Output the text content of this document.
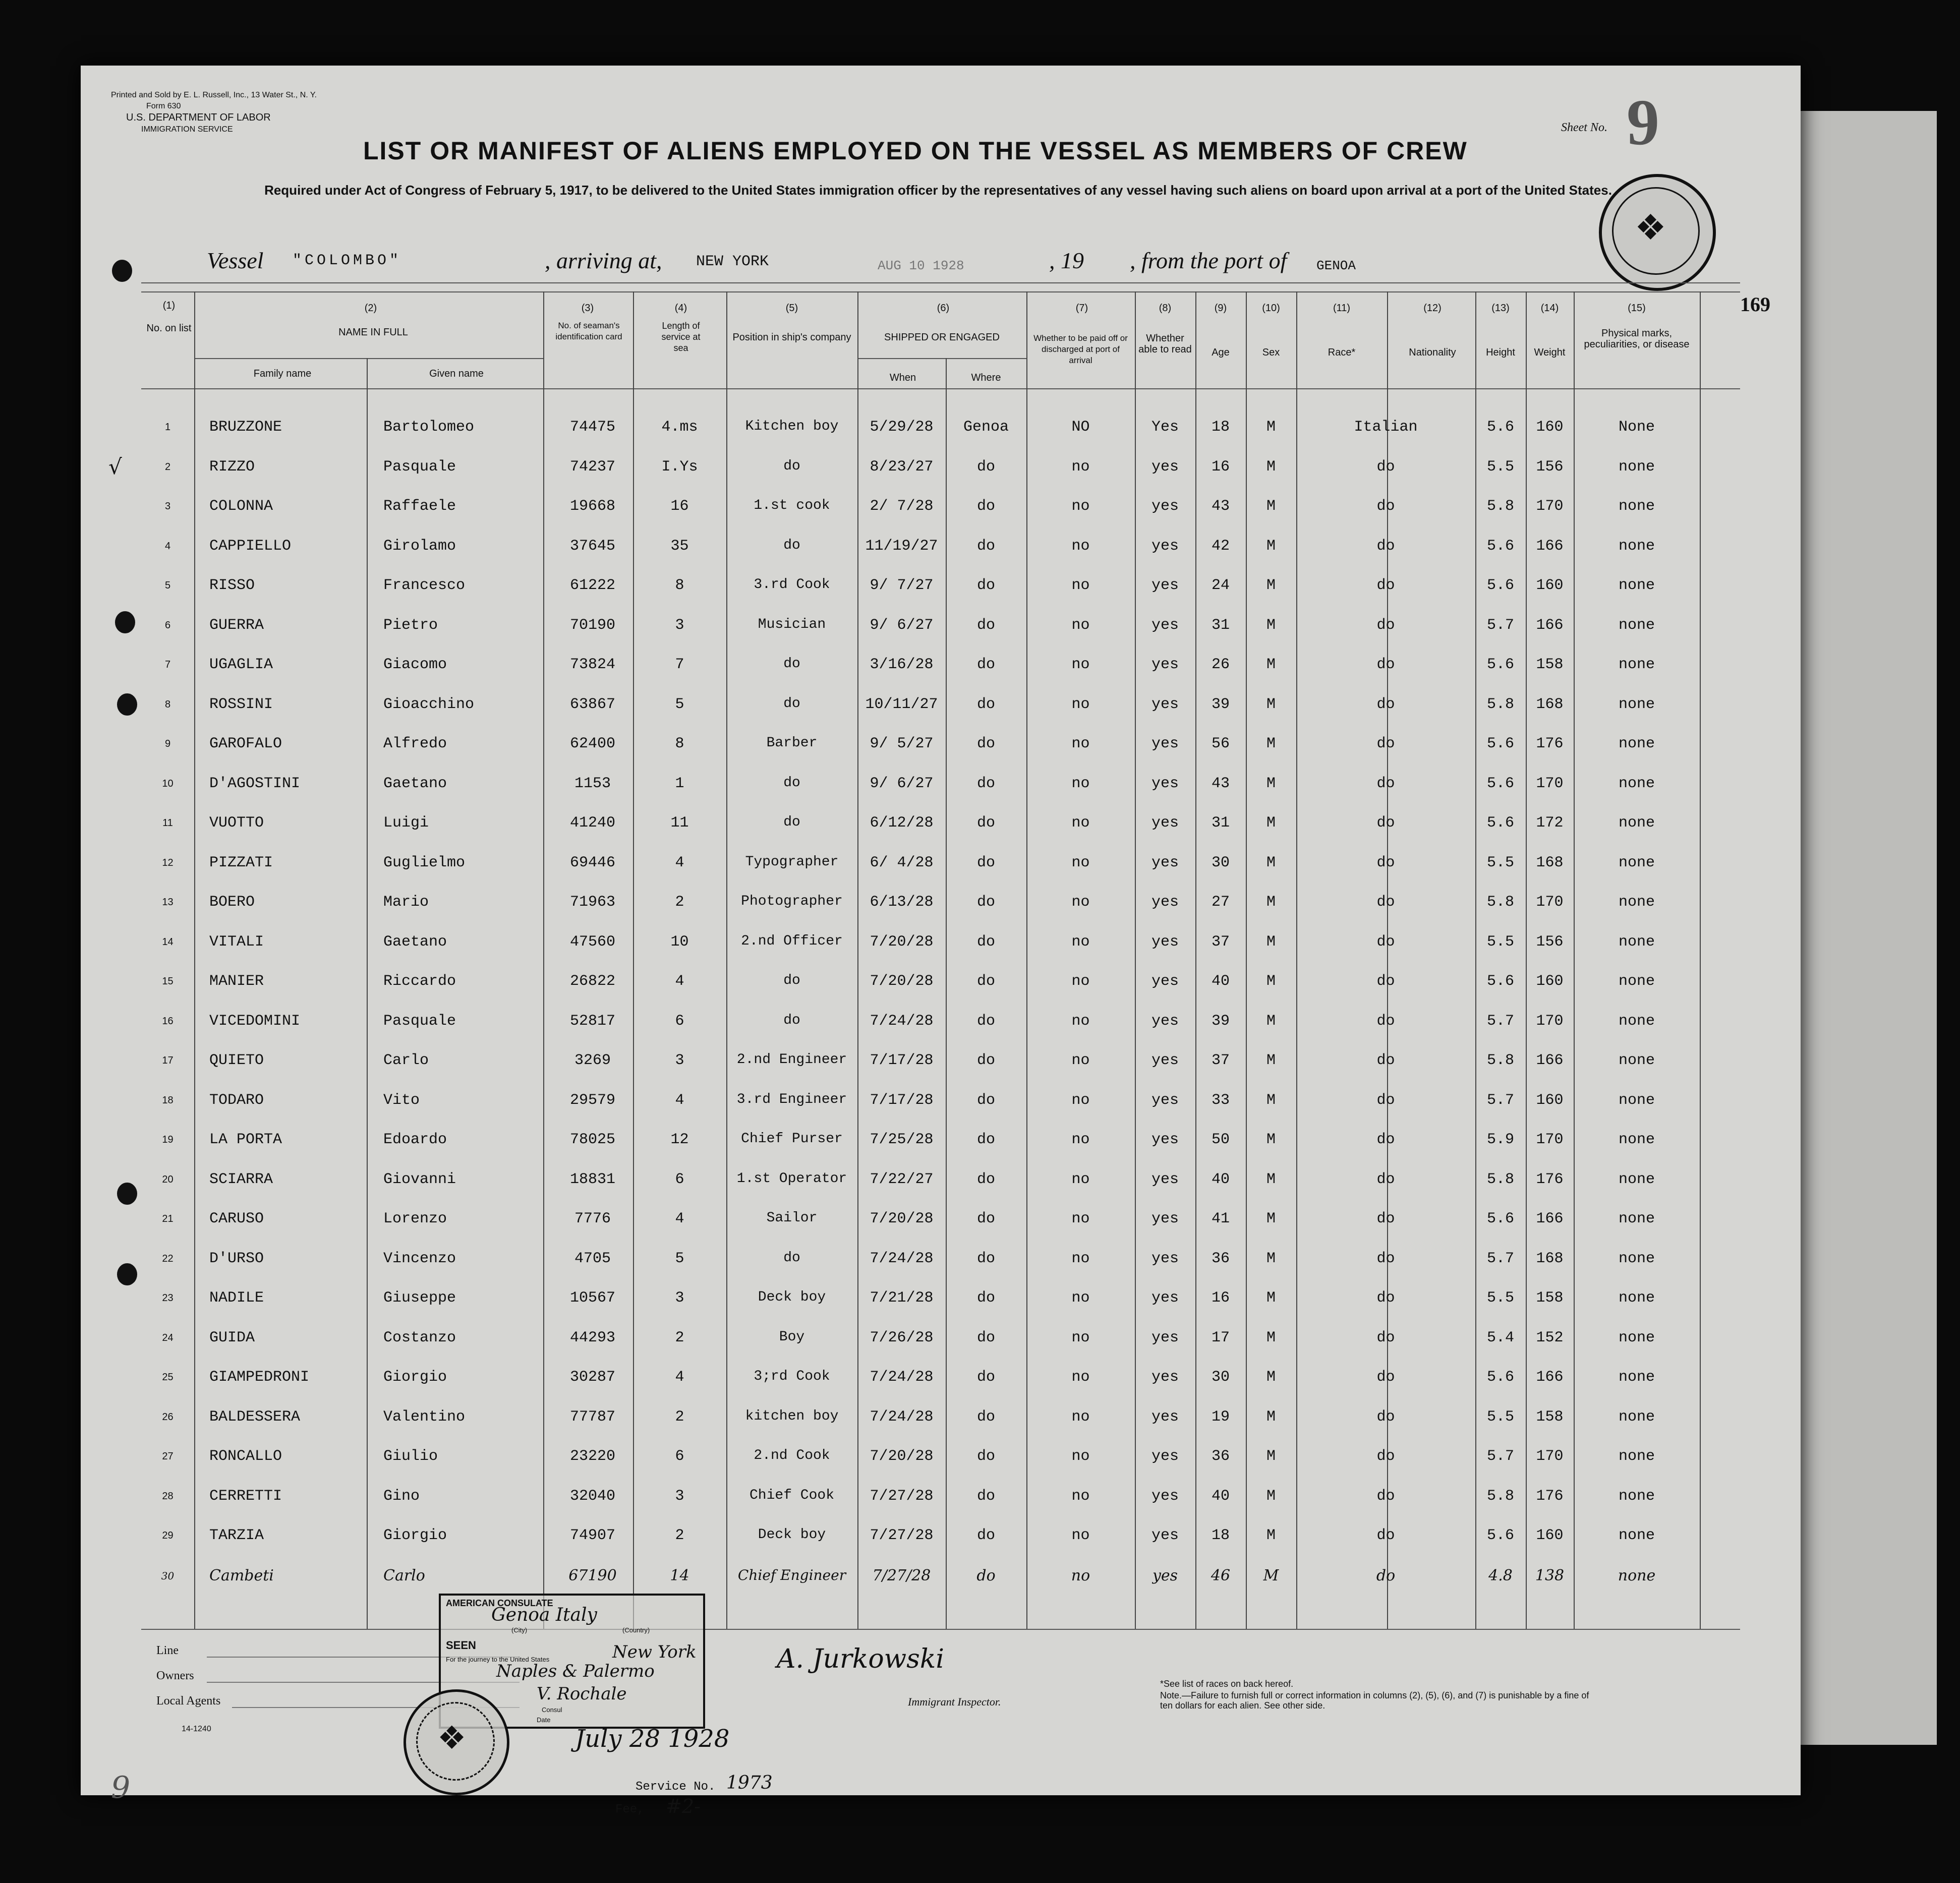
Printed and Sold by E. L. Russell, Inc., 13 Water St., N. Y.
Form 630
U.S. DEPARTMENT OF LABOR
IMMIGRATION SERVICE	Sheet No. 9
169
LIST OR MANIFEST OF ALIENS EMPLOYED ON THE VESSEL AS MEMBERS OF CREW
Required under Act of Congress of February 5, 1917, to be delivered to the United States immigration officer by the representatives of any vessel having such aliens on board upon arrival at a port of the United States.
❖
Vessel "COLOMBO"	, arriving at, NEW YORK	AUG 10 1928	, 19 , from the port of GENOA
(1)
No. on list
(2)
NAME IN FULL
Family name	Given name
(3)
No. of seaman's identification card
(4)
Length of service at sea
(5)
Position in ship's company
(6)
SHIPPED OR ENGAGED
When	Where
(7)
Whether to be paid off or discharged at port of arrival
(8)
Whether able to read
(9)
Age
(10)
Sex
(11)
Race*
(12)
Nationality
(13)
Height
(14)
Weight
(15)
Physical marks, peculiarities, or disease
1	BRUZZONE	Bartolomeo	74475	4.ms	Kitchen boy	5/29/28	Genoa	NO	Yes	18	M	Italian	5.6	160	None
2	RIZZO	Pasquale	74237	I.Ys	do	8/23/27	do	no	yes	16	M	do	5.5	156	none
3	COLONNA	Raffaele	19668	16	1.st cook	2/ 7/28	do	no	yes	43	M	do	5.8	170	none
4	CAPPIELLO	Girolamo	37645	35	do	11/19/27	do	no	yes	42	M	do	5.6	166	none
5	RISSO	Francesco	61222	8	3.rd Cook	9/ 7/27	do	no	yes	24	M	do	5.6	160	none
6	GUERRA	Pietro	70190	3	Musician	9/ 6/27	do	no	yes	31	M	do	5.7	166	none
7	UGAGLIA	Giacomo	73824	7	do	3/16/28	do	no	yes	26	M	do	5.6	158	none
8	ROSSINI	Gioacchino	63867	5	do	10/11/27	do	no	yes	39	M	do	5.8	168	none
9	GAROFALO	Alfredo	62400	8	Barber	9/ 5/27	do	no	yes	56	M	do	5.6	176	none
10	D'AGOSTINI	Gaetano	1153	1	do	9/ 6/27	do	no	yes	43	M	do	5.6	170	none
11	VUOTTO	Luigi	41240	11	do	6/12/28	do	no	yes	31	M	do	5.6	172	none
12	PIZZATI	Guglielmo	69446	4	Typographer	6/ 4/28	do	no	yes	30	M	do	5.5	168	none
13	BOERO	Mario	71963	2	Photographer	6/13/28	do	no	yes	27	M	do	5.8	170	none
14	VITALI	Gaetano	47560	10	2.nd Officer	7/20/28	do	no	yes	37	M	do	5.5	156	none
15	MANIER	Riccardo	26822	4	do	7/20/28	do	no	yes	40	M	do	5.6	160	none
16	VICEDOMINI	Pasquale	52817	6	do	7/24/28	do	no	yes	39	M	do	5.7	170	none
17	QUIETO	Carlo	3269	3	2.nd Engineer	7/17/28	do	no	yes	37	M	do	5.8	166	none
18	TODARO	Vito	29579	4	3.rd Engineer	7/17/28	do	no	yes	33	M	do	5.7	160	none
19	LA PORTA	Edoardo	78025	12	Chief Purser	7/25/28	do	no	yes	50	M	do	5.9	170	none
20	SCIARRA	Giovanni	18831	6	1.st Operator	7/22/27	do	no	yes	40	M	do	5.8	176	none
21	CARUSO	Lorenzo	7776	4	Sailor	7/20/28	do	no	yes	41	M	do	5.6	166	none
22	D'URSO	Vincenzo	4705	5	do	7/24/28	do	no	yes	36	M	do	5.7	168	none
23	NADILE	Giuseppe	10567	3	Deck boy	7/21/28	do	no	yes	16	M	do	5.5	158	none
24	GUIDA	Costanzo	44293	2	Boy	7/26/28	do	no	yes	17	M	do	5.4	152	none
25	GIAMPEDRONI	Giorgio	30287	4	3;rd Cook	7/24/28	do	no	yes	30	M	do	5.6	166	none
26	BALDESSERA	Valentino	77787	2	kitchen boy	7/24/28	do	no	yes	19	M	do	5.5	158	none
27	RONCALLO	Giulio	23220	6	2.nd Cook	7/20/28	do	no	yes	36	M	do	5.7	170	none
28	CERRETTI	Gino	32040	3	Chief Cook	7/27/28	do	no	yes	40	M	do	5.8	176	none
29	TARZIA	Giorgio	74907	2	Deck boy	7/27/28	do	no	yes	18	M	do	5.6	160	none
30	Cambeti	Carlo	67190	14	Chief Engineer	7/27/28	do	no	yes	46	M	do	4.8	138	none
√
Line
Owners
Local Agents
14-1240
9
AMERICAN CONSULATE
Genoa Italy
(City)	(Country)
SEEN
For the journey to the United States	New York
Naples & Palermo
V. Rochale
Consul
Date
July 28 1928
❖
A. Jurkowski
Immigrant Inspector.
*See list of races on back hereof.
Note.—Failure to furnish full or correct information in columns (2), (5), (6), and (7) is punishable by a fine of ten dollars for each alien. See other side.
Service No. 1973
Fee, #2-
